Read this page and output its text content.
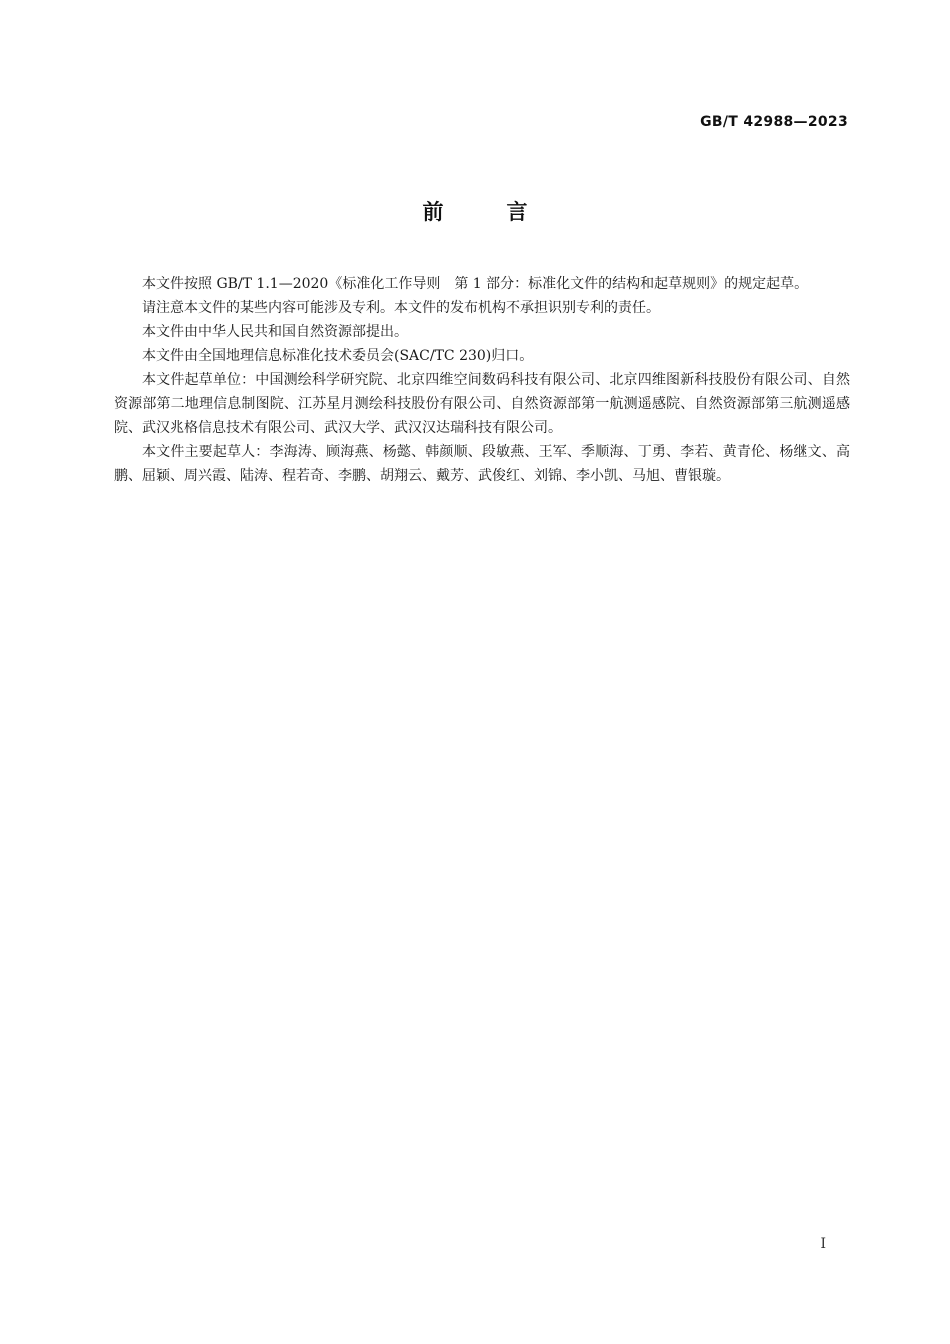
GB/T 42988—2023
前	言

本文件按照 GB/T 1.1—2020《标准化工作导则　第 1 部分：标准化文件的结构和起草规则》的规定起草。

请注意本文件的某些内容可能涉及专利。本文件的发布机构不承担识别专利的责任。

本文件由中华人民共和国自然资源部提出。

本文件由全国地理信息标准化技术委员会(SAC/TC 230)归口。

本文件起草单位：中国测绘科学研究院、北京四维空间数码科技有限公司、北京四维图新科技股份有限公司、自然资源部第二地理信息制图院、江苏星月测绘科技股份有限公司、自然资源部第一航测遥感院、自然资源部第三航测遥感院、武汉兆格信息技术有限公司、武汉大学、武汉汉达瑞科技有限公司。

本文件主要起草人：李海涛、顾海燕、杨懿、韩颜顺、段敏燕、王军、季顺海、丁勇、李若、黄青伦、杨继文、高鹏、屈颖、周兴霞、陆涛、程若奇、李鹏、胡翔云、戴芳、武俊红、刘锦、李小凯、马旭、曹银璇。

I
